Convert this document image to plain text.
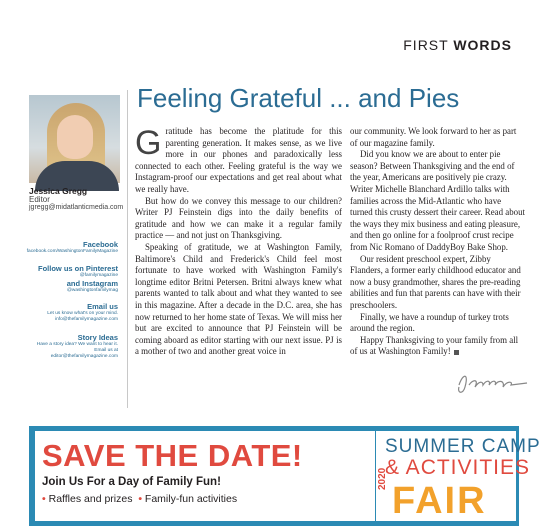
FIRST WORDS
Jessica Gregg
Editor
jgregg@midatlanticmedia.com
Facebook
facebook.com/WashingtonFamilyMagazine
Follow us on Pinterest
@familymagazine
and Instagram
@washingtonfamilymag
Email us
Let us know what's on your mind.
info@thefamilymagazine.com
Story Ideas
Have a story idea? We want to hear it.
Email us at
editor@thefamilymagazine.com
Feeling Grateful ... and Pies

Gratitude has become the platitude for this parenting generation. It makes sense, as we live more in our phones and paradoxically less connected to each other. Feeling grateful is the way we Instagram-proof our expectations and get real about what we really have.

But how do we convey this message to our children? Writer PJ Feinstein digs into the daily benefits of gratitude and how we can make it a regular family practice — and not just on Thanksgiving.

Speaking of gratitude, we at Washington Family, Baltimore's Child and Frederick's Child feel most fortunate to have worked with Washington Family's longtime editor Britni Petersen. Britni always knew what parents wanted to talk about and what they wanted to see in this magazine. After a decade in the D.C. area, she has now returned to her home state of Texas. We will miss her but are excited to announce that PJ Feinstein will be coming aboard as editor starting with our next issue. PJ is a mother of two and another great voice in

our community. We look forward to her as part of our magazine family.

Did you know we are about to enter pie season? Between Thanksgiving and the end of the year, Americans are positively pie crazy. Writer Michelle Blanchard Ardillo talks with families across the Mid-Atlantic who have turned this crusty dessert their career. Read about the ways they mix business and eating pleasure, and then go online for a foolproof crust recipe from Nic Romano of DaddyBoy Bake Shop.

Our resident preschool expert, Zibby Flanders, a former early childhood educator and now a busy grandmother, shares the pre-reading abilities and fun that parents can have with their preschoolers.

Finally, we have a roundup of turkey trots around the region.

Happy Thanksgiving to your family from all of us at Washington Family!

SAVE THE DATE!
Join Us For a Day of Family Fun!
• Raffles and prizes • Family-fun activities
SUMMER CAMP
& ACTIVITIES
2020
FAIR
